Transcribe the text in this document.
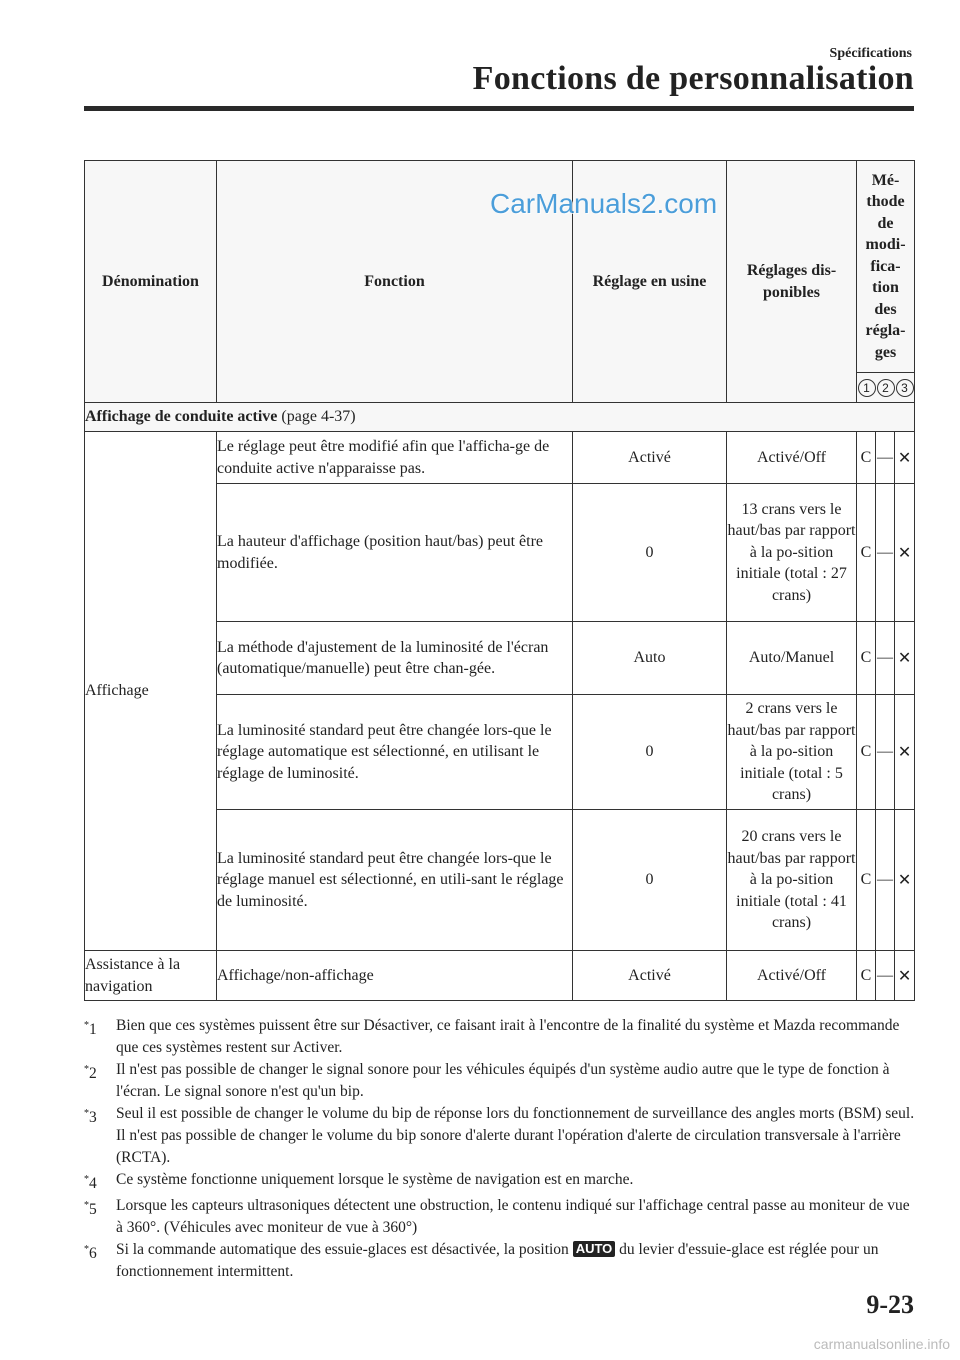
Spécifications
Fonctions de personnalisation
Dénomination	Fonction	Réglage en usine	Réglages dis-ponibles	Mé-thode de modi-fica-tion des régla-ges		

				1 2 3		

Affichage de conduite active (page 4-37)						
Affichage	Le réglage peut être modifié afin que l'afficha-ge de conduite active n'apparaisse pas.	Activé	Activé/Off	C	—	✕
	La hauteur d'affichage (position haut/bas) peut être modifiée.	0	13 crans vers le haut/bas par rapport à la po-sition initiale (total : 27 crans)	C	—	✕
	La méthode d'ajustement de la luminosité de l'écran (automatique/manuelle) peut être chan-gée.	Auto	Auto/Manuel	C	—	✕
	La luminosité standard peut être changée lors-que le réglage automatique est sélectionné, en utilisant le réglage de luminosité.	0	2 crans vers le haut/bas par rapport à la po-sition initiale (total : 5 crans)	C	—	✕
	La luminosité standard peut être changée lors-que le réglage manuel est sélectionné, en utili-sant le réglage de luminosité.	0	20 crans vers le haut/bas par rapport à la po-sition initiale (total : 41 crans)	C	—	✕
Assistance à la navigation	Affichage/non-affichage	Activé	Activé/Off	C	—	✕
CarManuals2.com
*1	Bien que ces systèmes puissent être sur Désactiver, ce faisant irait à l'encontre de la finalité du système et Mazda recommande que ces systèmes restent sur Activer.
*2	Il n'est pas possible de changer le signal sonore pour les véhicules équipés d'un système audio autre que le type de fonction à l'écran. Le signal sonore n'est qu'un bip.
*3	Seul il est possible de changer le volume du bip de réponse lors du fonctionnement de surveillance des angles morts (BSM) seul. Il n'est pas possible de changer le volume du bip sonore d'alerte durant l'opération d'alerte de circulation transversale à l'arrière (RCTA).
*4	Ce système fonctionne uniquement lorsque le système de navigation est en marche.
*5	Lorsque les capteurs ultrasoniques détectent une obstruction, le contenu indiqué sur l'affichage central passe au moniteur de vue à 360°. (Véhicules avec moniteur de vue à 360°)
*6	Si la commande automatique des essuie-glaces est désactivée, la position AUTO du levier d'essuie-glace est réglée pour un fonctionnement intermittent.
9-23
carmanualsonline.info
